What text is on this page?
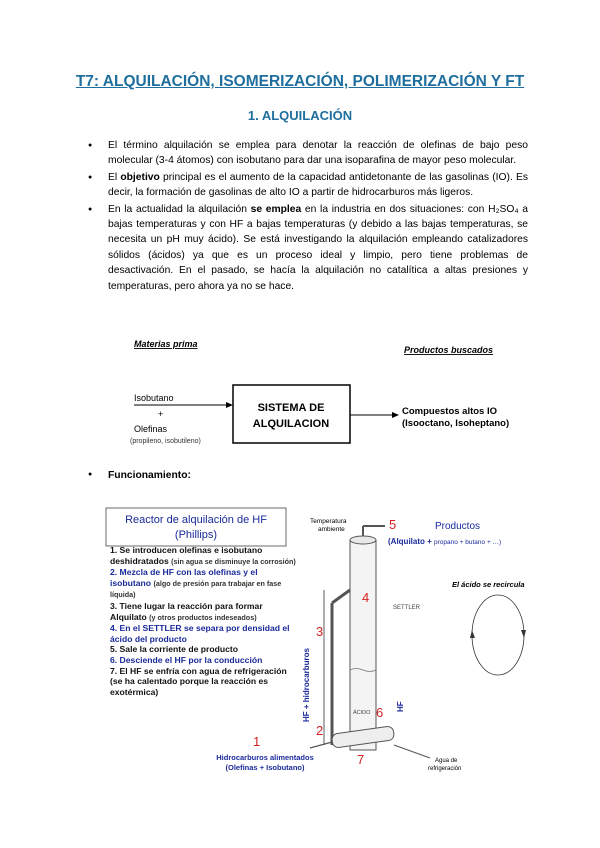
T7: ALQUILACIÓN, ISOMERIZACIÓN, POLIMERIZACIÓN Y FT
1. ALQUILACIÓN
● El término alquilación se emplea para denotar la reacción de olefinas de bajo peso molecular (3-4 átomos) con isobutano para dar una isoparafina de mayor peso molecular.
● El objetivo principal es el aumento de la capacidad antidetonante de las gasolinas (IO). Es decir, la formación de gasolinas de alto IO a partir de hidrocarburos más ligeros.
● En la actualidad la alquilación se emplea en la industria en dos situaciones: con H₂SO₄ a bajas temperaturas y con HF a bajas temperaturas (y debido a las bajas temperaturas, se necesita un pH muy ácido). Se está investigando la alquilación empleando catalizadores sólidos (ácidos) ya que es un proceso ideal y limpio, pero tiene problemas de desactivación. En el pasado, se hacía la alquilación no catalítica a altas presiones y temperaturas, pero ahora ya no se hace.
Materias prima
Productos buscados
Isobutano
+
Olefinas
(propileno, isobutileno)
SISTEMA DE
ALQUILACION
Compuestos altos IO
(Isooctano, Isoheptano)
● Funcionamiento:
Reactor de alquilación de HF
(Phillips)
5
4
3
2
6
1
7
Temperatura
ambiente	Productos
(Alquilato + propano + butano + …)
El ácido se recircula
SETTLER
ÁCIDO
HF + hidrocarburos	HF
Hidrocarburos alimentados
(Olefinas + Isobutano)
Agua de
refrigeración
1. Se introducen olefinas e isobutano deshidratados (sin agua se disminuye la corrosión)
2. Mezcla de HF con las olefinas y el isobutano (algo de presión para trabajar en fase líquida)
3. Tiene lugar la reacción para formar Alquilato (y otros productos indeseados)
4. En el SETTLER se separa por densidad el ácido del producto
5. Sale la corriente de producto
6. Desciende el HF por la conducción
7. El HF se enfría con agua de refrigeración (se ha calentado porque la reacción es exotérmica)
